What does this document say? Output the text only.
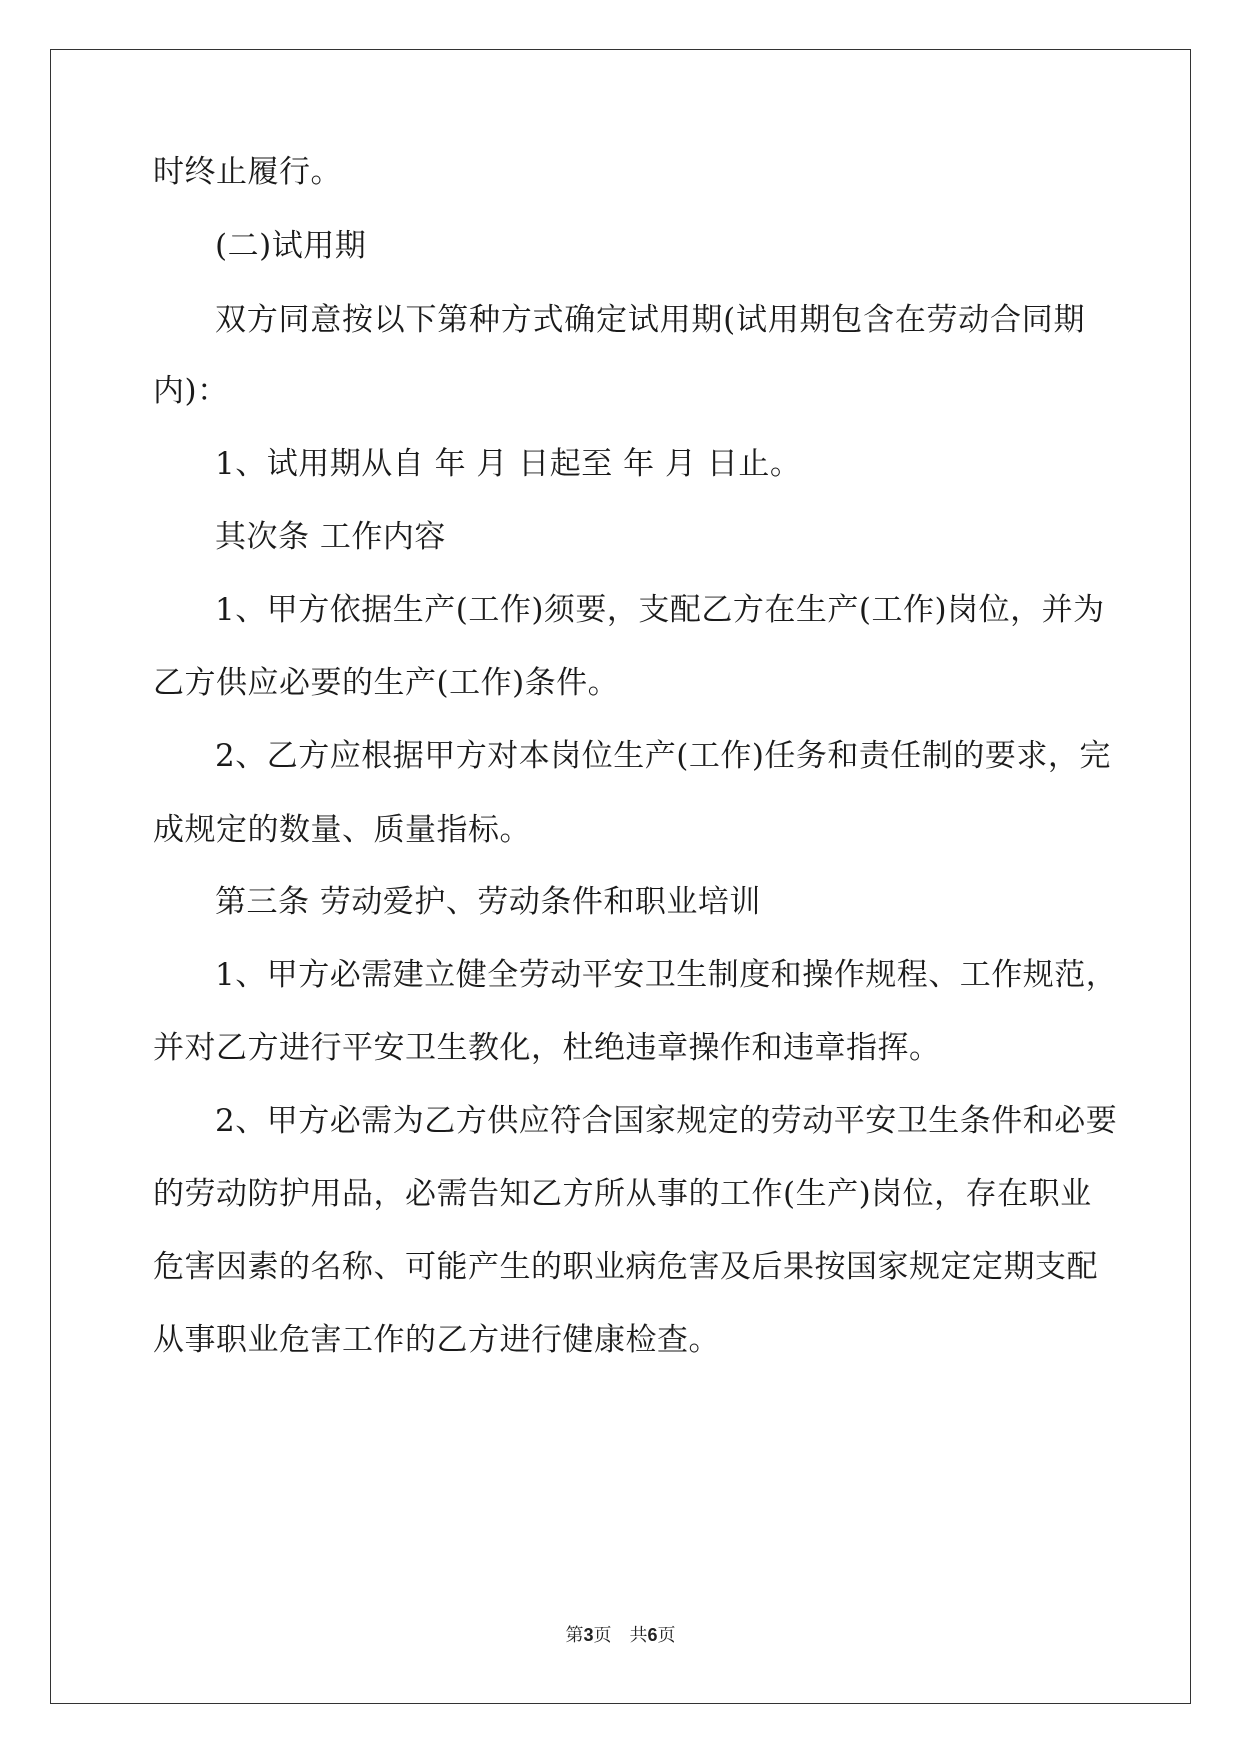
时终止履行。
(二)试用期
双方同意按以下第种方式确定试用期(试用期包含在劳动合同期
内)：
1、试用期从自 年 月 日起至 年 月 日止。
其次条 工作内容
1、甲方依据生产(工作)须要，支配乙方在生产(工作)岗位，并为
乙方供应必要的生产(工作)条件。
2、乙方应根据甲方对本岗位生产(工作)任务和责任制的要求，完
成规定的数量、质量指标。
第三条 劳动爱护、劳动条件和职业培训
1、甲方必需建立健全劳动平安卫生制度和操作规程、工作规范，
并对乙方进行平安卫生教化，杜绝违章操作和违章指挥。
2、甲方必需为乙方供应符合国家规定的劳动平安卫生条件和必要
的劳动防护用品，必需告知乙方所从事的工作(生产)岗位，存在职业
危害因素的名称、可能产生的职业病危害及后果按国家规定定期支配
从事职业危害工作的乙方进行健康检查。
第3页　共6页
